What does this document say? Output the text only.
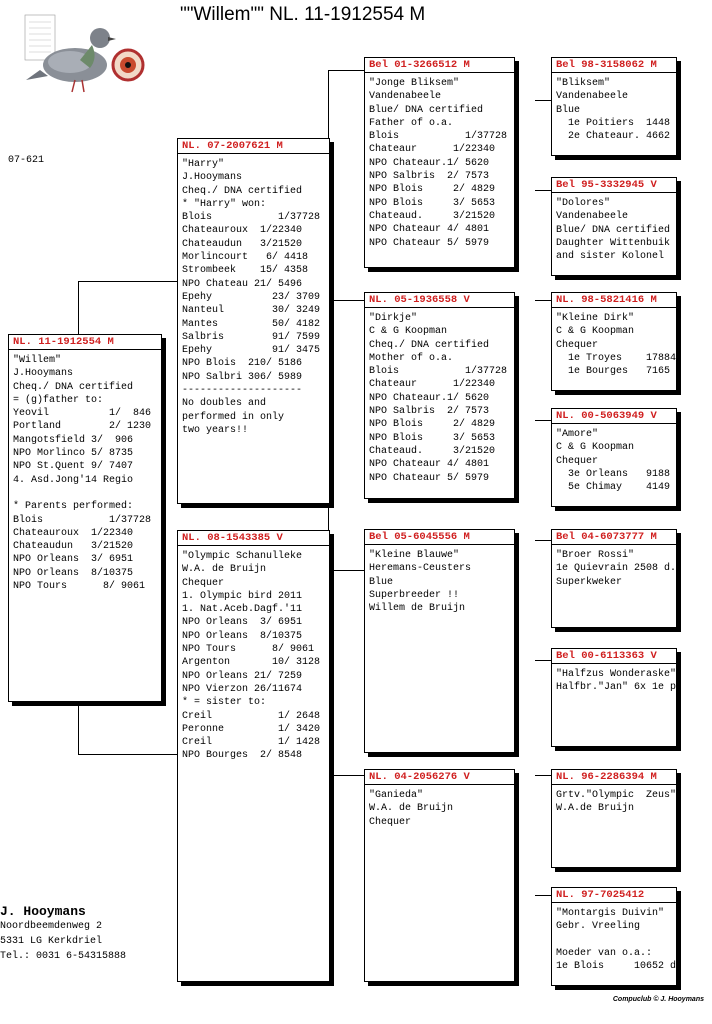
""Willem"" NL. 11-1912554 M
07-621
NL. 11-1912554 M
"Willem"
J.Hooymans
Cheq./ DNA certified
= (g)father to:
Yeovil          1/  846
Portland        2/ 1230
Mangotsfield 3/  906
NPO Morlinco 5/ 8735
NPO St.Quent 9/ 7407
4. Asd.Jong'14 Regio

* Parents performed:
Blois           1/37728
Chateauroux  1/22340
Chateaudun   3/21520
NPO Orleans  3/ 6951
NPO Orleans  8/10375
NPO Tours      8/ 9061
NL. 07-2007621 M
"Harry"
J.Hooymans
Cheq./ DNA certified
* "Harry" won:
Blois           1/37728
Chateauroux  1/22340
Chateaudun   3/21520
Morlincourt   6/ 4418
Strombeek    15/ 4358
NPO Chateau 21/ 5496
Epehy          23/ 3709
Nanteul        30/ 3249
Mantes         50/ 4182
Salbris        91/ 7599
Epehy          91/ 3475
NPO Blois  210/ 5186
NPO Salbri 306/ 5989
--------------------
No doubles and
performed in only
two years!!
NL. 08-1543385 V
"Olympic Schanulleke
W.A. de Bruijn
Chequer
1. Olympic bird 2011
1. Nat.Aceb.Dagf.'11
NPO Orleans  3/ 6951
NPO Orleans  8/10375
NPO Tours      8/ 9061
Argenton       10/ 3128
NPO Orleans 21/ 7259
NPO Vierzon 26/11674
* = sister to:
Creil           1/ 2648
Peronne         1/ 3420
Creil           1/ 1428
NPO Bourges  2/ 8548
Bel 01-3266512 M
"Jonge Bliksem"
Vandenabeele
Blue/ DNA certified
Father of o.a.
Blois           1/37728
Chateaur      1/22340
NPO Chateaur.1/ 5620
NPO Salbris  2/ 7573
NPO Blois     2/ 4829
NPO Blois     3/ 5653
Chateaud.     3/21520
NPO Chateaur 4/ 4801
NPO Chateaur 5/ 5979
NL. 05-1936558 V
"Dirkje"
C & G Koopman
Cheq./ DNA certified
Mother of o.a.
Blois           1/37728
Chateaur      1/22340
NPO Chateaur.1/ 5620
NPO Salbris  2/ 7573
NPO Blois     2/ 4829
NPO Blois     3/ 5653
Chateaud.     3/21520
NPO Chateaur 4/ 4801
NPO Chateaur 5/ 5979
Bel 05-6045556 M
"Kleine Blauwe"
Heremans-Ceusters
Blue
Superbreeder !!
Willem de Bruijn
NL. 04-2056276 V
"Ganieda"
W.A. de Bruijn
Chequer
Bel 98-3158062 M
"Bliksem"
Vandenabeele
Blue
1e Poitiers  1448
2e Chateaur. 4662
Bel 95-3332945 V
"Dolores"
Vandenabeele
Blue/ DNA certified
Daughter Wittenbuik
and sister Kolonel
NL. 98-5821416 M
"Kleine Dirk"
C & G Koopman
Chequer
1e Troyes    17884
1e Bourges   7165
NL. 00-5063949 V
"Amore"
C & G Koopman
Chequer
3e Orleans   9188
5e Chimay    4149
Bel 04-6073777 M
"Broer Rossi"
1e Quievrain 2508 d.
Superkweker
Bel 00-6113363 V
"Halfzus Wonderaske"
Halfbr."Jan" 6x 1e p
NL. 96-2286394 M
Grtv."Olympic  Zeus"
W.A.de Bruijn
NL. 97-7025412
"Montargis Duivin"
Gebr. Vreeling

Moeder van o.a.:
1e Blois     10652 d
J. Hooymans
Noordbeemdenweg 2
5331 LG Kerkdriel
Tel.: 0031 6-54315888
Compuclub © J. Hooymans
